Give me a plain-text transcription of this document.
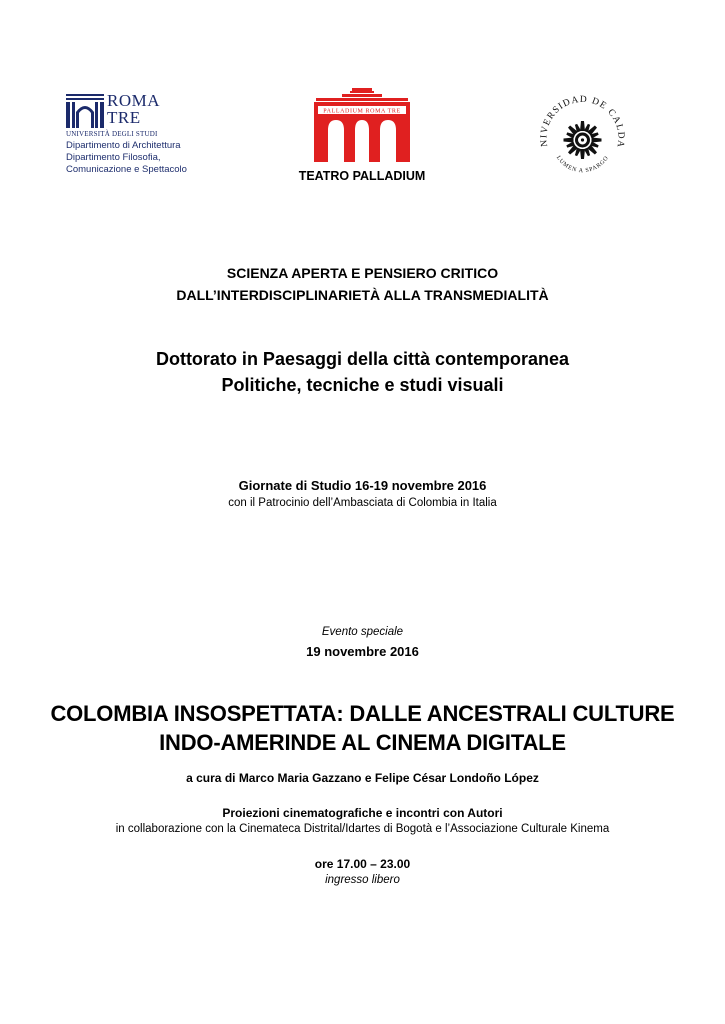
ROMA
TRE
UNIVERSITÀ DEGLI STUDI
Dipartimento di Architettura
Dipartimento Filosofia,
Comunicazione e Spettacolo
PALLADIUM ROMA TRE
TEATRO PALLADIUM
NIVERSIDAD DE CALDA
LUMEN A SPARGO
SCIENZA APERTA E PENSIERO CRITICO
DALL’INTERDISCIPLINARIETÀ ALLA TRANSMEDIALITÀ
Dottorato in Paesaggi della città contemporanea
Politiche, tecniche e studi visuali
Giornate di Studio 16-19 novembre 2016
con il Patrocinio dell’Ambasciata di Colombia in Italia
Evento speciale
19 novembre 2016
COLOMBIA INSOSPETTATA: DALLE ANCESTRALI CULTURE
INDO-AMERINDE AL CINEMA DIGITALE
a cura di Marco Maria Gazzano e Felipe César Londoño López
Proiezioni cinematografiche e incontri con Autori
in collaborazione con la Cinemateca Distrital/Idartes di Bogotà e l’Associazione Culturale Kinema
ore 17.00 – 23.00
ingresso libero
